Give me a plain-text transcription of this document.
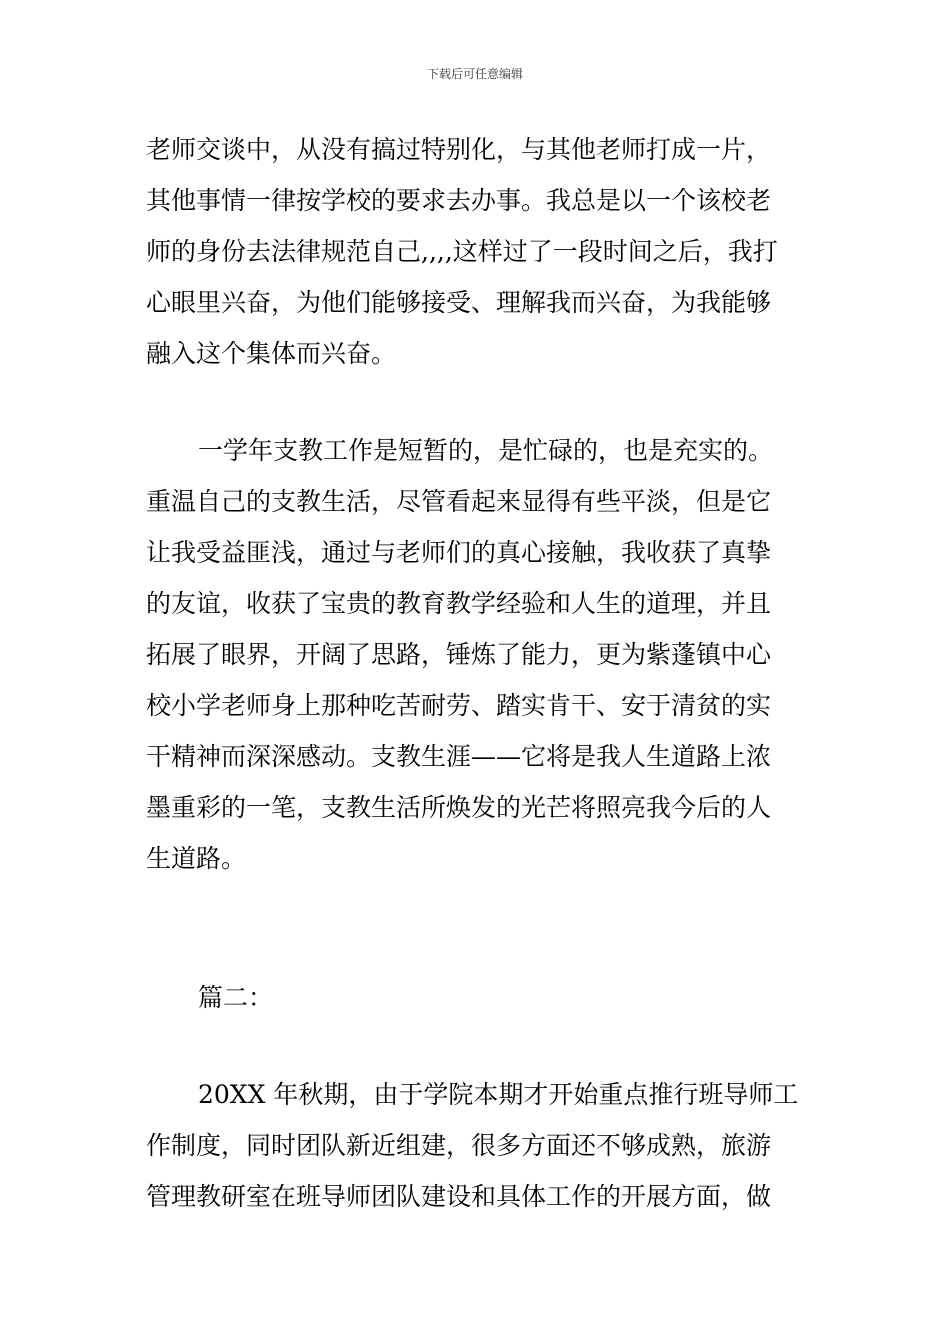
下载后可任意编辑
老师交谈中，从没有搞过特别化，与其他老师打成一片，
其他事情一律按学校的要求去办事。我总是以一个该校老
师的身份去法律规范自己,,,,这样过了一段时间之后，我打
心眼里兴奋，为他们能够接受、理解我而兴奋，为我能够
融入这个集体而兴奋。
一学年支教工作是短暂的，是忙碌的，也是充实的。
重温自己的支教生活，尽管看起来显得有些平淡，但是它
让我受益匪浅，通过与老师们的真心接触，我收获了真挚
的友谊，收获了宝贵的教育教学经验和人生的道理，并且
拓展了眼界，开阔了思路，锤炼了能力，更为紫蓬镇中心
校小学老师身上那种吃苦耐劳、踏实肯干、安于清贫的实
干精神而深深感动。支教生涯——它将是我人生道路上浓
墨重彩的一笔，支教生活所焕发的光芒将照亮我今后的人
生道路。
篇二：
20XX 年秋期，由于学院本期才开始重点推行班导师工
作制度，同时团队新近组建，很多方面还不够成熟，旅游
管理教研室在班导师团队建设和具体工作的开展方面，做
